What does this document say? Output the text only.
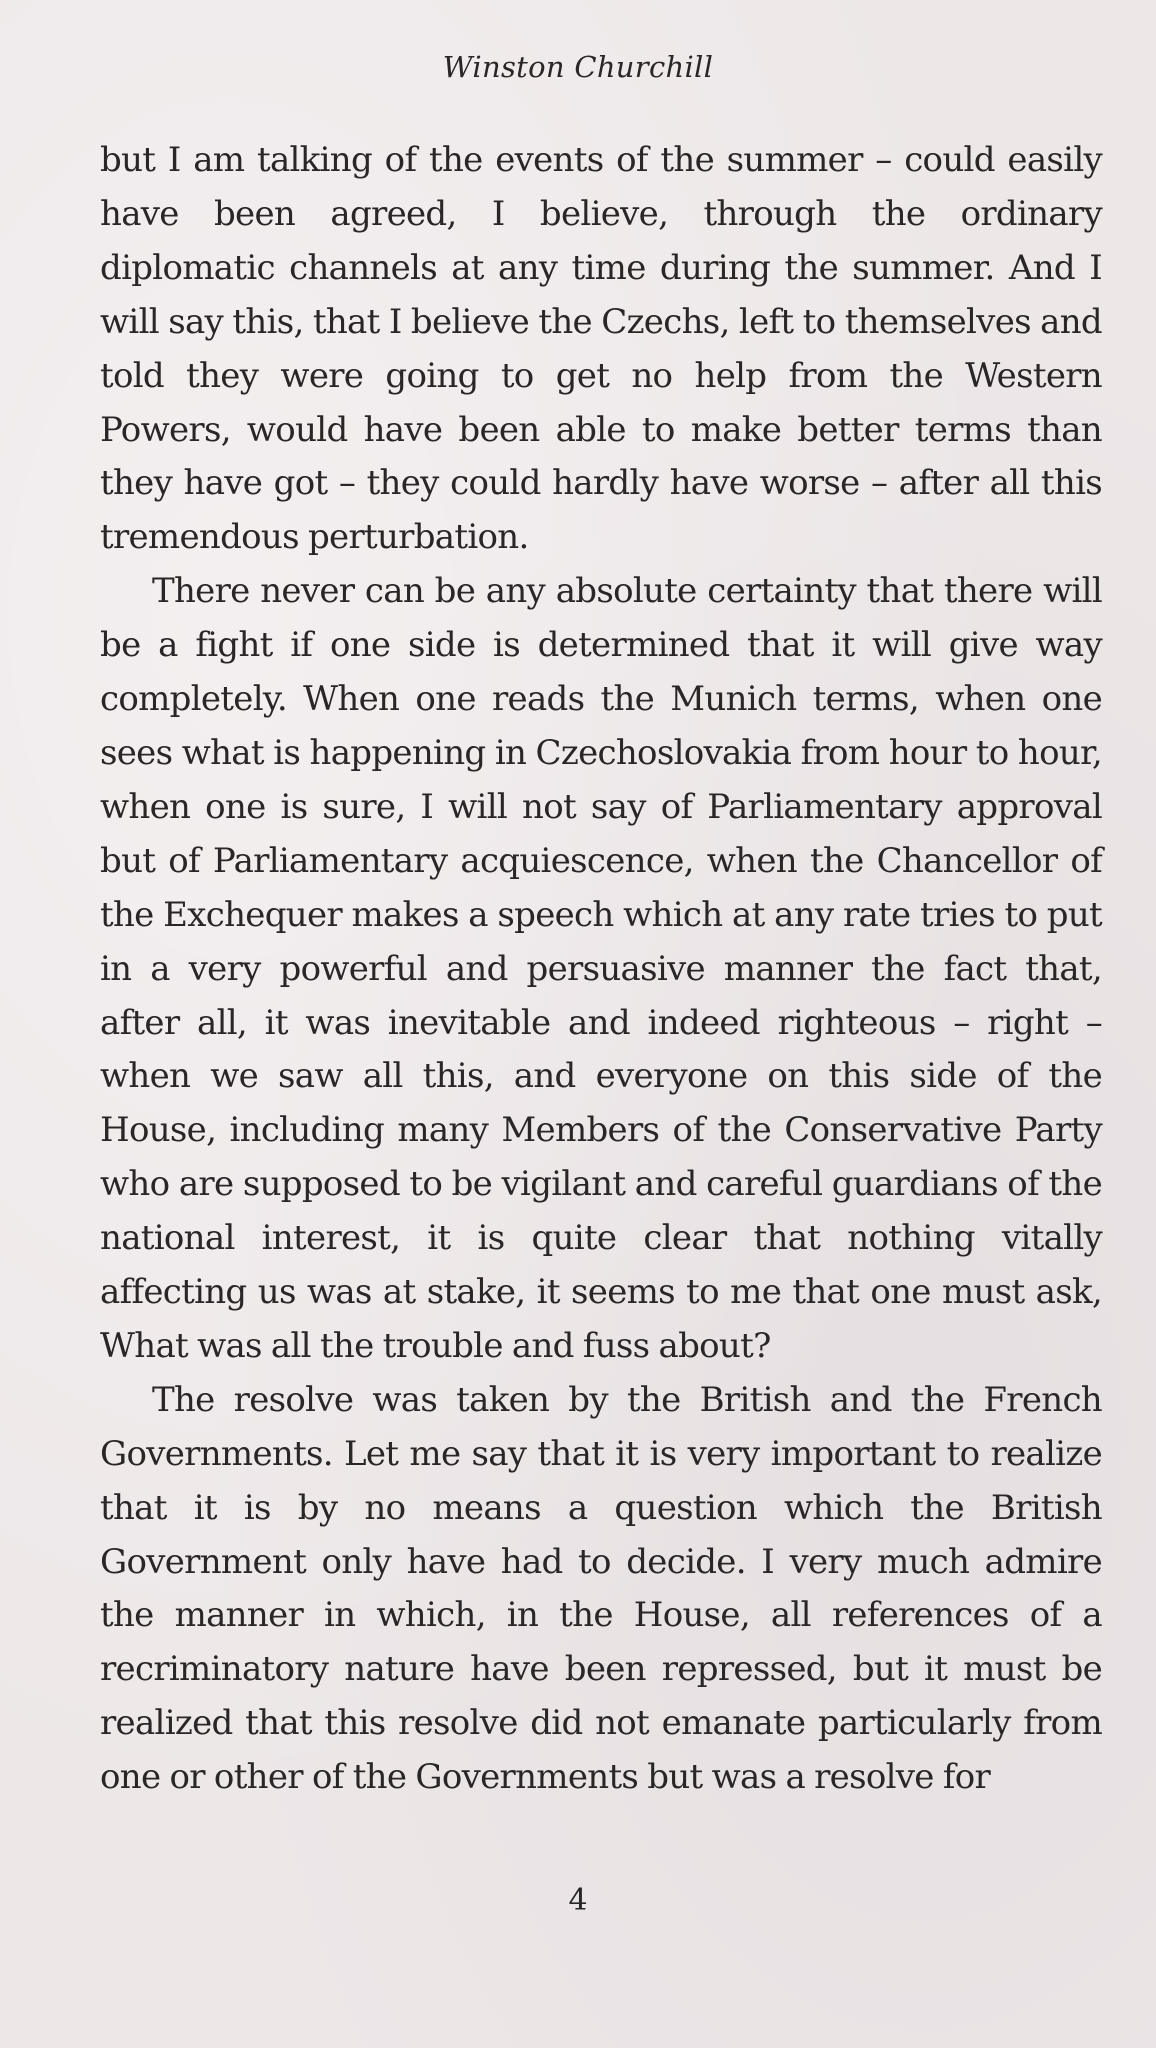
Winston Churchill

but I am talking of the events of the summer – could easily have been agreed, I believe, through the ordinary diplomatic channels at any time during the summer. And I will say this, that I believe the Czechs, left to themselves and told they were going to get no help from the Western Powers, would have been able to make better terms than they have got – they could hardly have worse – after all this tremendous perturbation.

There never can be any absolute certainty that there will be a fight if one side is determined that it will give way completely. When one reads the Munich terms, when one sees what is happening in Czechoslovakia from hour to hour, when one is sure, I will not say of Parliamentary approval but of Parliamentary acquiescence, when the Chancellor of the Exchequer makes a speech which at any rate tries to put in a very powerful and persuasive manner the fact that, after all, it was inevitable and indeed righteous – right – when we saw all this, and everyone on this side of the House, including many Members of the Conservative Party who are supposed to be vigilant and careful guardians of the national interest, it is quite clear that nothing vitally affecting us was at stake, it seems to me that one must ask, What was all the trouble and fuss about?

The resolve was taken by the British and the French Governments. Let me say that it is very important to realize that it is by no means a question which the British Government only have had to decide. I very much admire the manner in which, in the House, all references of a recriminatory nature have been repressed, but it must be realized that this resolve did not emanate particularly from one or other of the Governments but was a resolve for

4
